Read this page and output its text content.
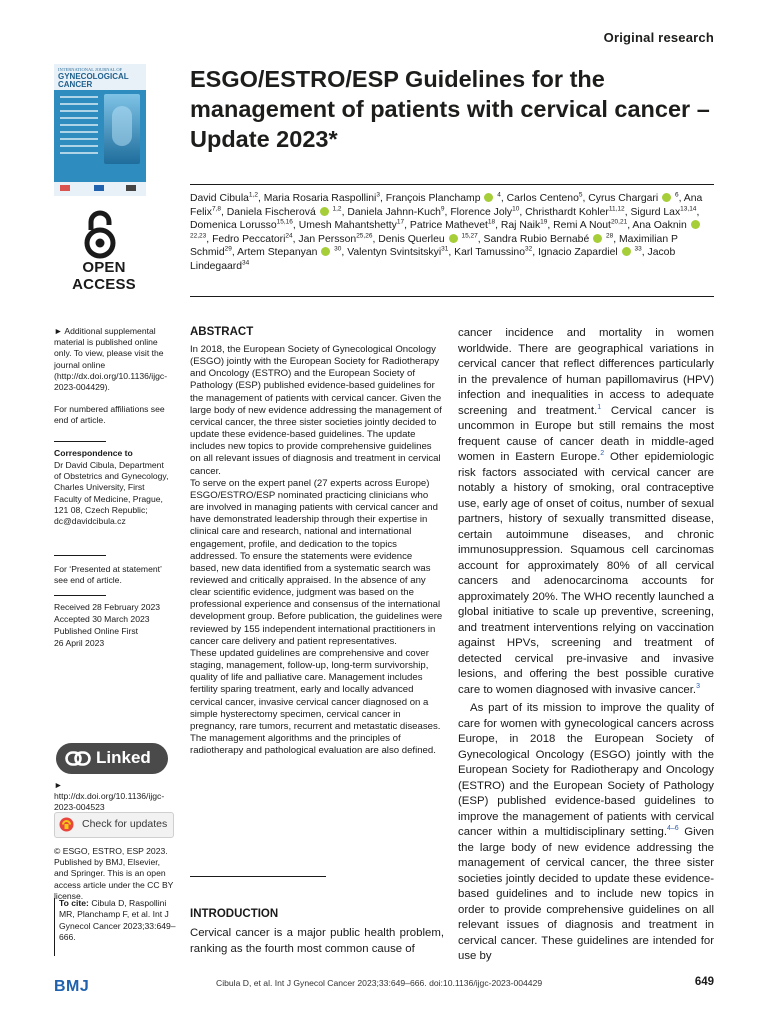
Original research
INTERNATIONAL JOURNAL OF
GYNECOLOGICAL CANCER
OPEN ACCESS
ESGO/ESTRO/ESP Guidelines for the management of patients with cervical cancer – Update 2023*
David Cibula$^{1,2}$, Maria Rosaria Raspollini$^3$, François Planchamp	$^4$, Carlos Centeno$^5$, Cyrus Chargari	$^6$, Ana Felix$^{7,8}$, Daniela Fischerová	$^{1,2}$, Daniela Jahnn-Kuch$^9$, Florence Joly$^{10}$, Christhardt Kohler$^{11,12}$, Sigurd Lax$^{13,14}$, Domenica Lorusso$^{15,16}$, Umesh Mahantshetty$^{17}$, Patrice Mathevet$^{18}$, Raj Naik$^{19}$, Remi A Nout$^{20,21}$, Ana Oaknin  $^{22,23}$, Fedro Peccatori$^{24}$, Jan Persson$^{25,26}$, Denis Querleu	$^{15,27}$, Sandra Rubio Bernabé	$^{28}$, Maximilian P Schmid$^{29}$, Artem Stepanyan	$^{30}$, Valentyn Svintsitskyi$^{31}$, Karl Tamussino$^{32}$, Ignacio Zapardiel	$^{33}$, Jacob Lindegaard$^{34}$
► Additional supplemental material is published online only. To view, please visit the journal online (http://dx.doi.org/10.1136/ijgc-2023-004429).
For numbered affiliations see end of article.
Correspondence to
Dr David Cibula, Department of Obstetrics and Gynecology, Charles University, First Faculty of Medicine, Prague, 121 08, Czech Republic; dc@davidcibula.cz
For ‘Presented at statement’ see end of article.
Received 28 February 2023
Accepted 30 March 2023
Published Online First
26 April 2023
Linked
► http://dx.doi.org/10.1136/ijgc-2023-004523
Check for updates
© ESGO, ESTRO, ESP 2023. Published by BMJ, Elsevier, and Springer. This is an open access article under the CC BY license.
To cite: Cibula D, Raspollini MR, Planchamp F, et al. Int J Gynecol Cancer 2023;33:649–666.
ABSTRACT

In 2018, the European Society of Gynecological Oncology (ESGO) jointly with the European Society for Radiotherapy and Oncology (ESTRO) and the European Society of Pathology (ESP) published evidence-based guidelines for the management of patients with cervical cancer. Given the large body of new evidence addressing the management of cervical cancer, the three sister societies jointly decided to update these evidence-based guidelines. The update includes new topics to provide comprehensive guidelines on all relevant issues of diagnosis and treatment in cervical cancer.

To serve on the expert panel (27 experts across Europe) ESGO/ESTRO/ESP nominated practicing clinicians who are involved in managing patients with cervical cancer and have demonstrated leadership through their expertise in clinical care and research, national and international engagement, profile, and dedication to the topics addressed. To ensure the statements were evidence based, new data identified from a systematic search was reviewed and critically appraised. In the absence of any clear scientific evidence, judgment was based on the professional experience and consensus of the international development group. Before publication, the guidelines were reviewed by 155 independent international practitioners in cancer care delivery and patient representatives.

These updated guidelines are comprehensive and cover staging, management, follow-up, long-term survivorship, quality of life and palliative care. Management includes fertility sparing treatment, early and locally advanced cervical cancer, invasive cervical cancer diagnosed on a simple hysterectomy specimen, cervical cancer in pregnancy, rare tumors, recurrent and metastatic diseases. The management algorithms and the principles of radiotherapy and pathological evaluation are also defined.

INTRODUCTION

Cervical cancer is a major public health problem, ranking as the fourth most common cause of

cancer incidence and mortality in women worldwide. There are geographical variations in cervical cancer that reflect differences particularly in the prevalence of human papillomavirus (HPV) infection and inequalities in access to adequate screening and treatment.$^1$ Cervical cancer is uncommon in Europe but still remains the most frequent cause of cancer death in middle-aged women in Eastern Europe.$^2$ Other epidemiologic risk factors associated with cervical cancer are notably a history of smoking, oral contraceptive use, early age of onset of coitus, number of sexual partners, history of sexually transmitted disease, certain autoimmune diseases, and chronic immunosuppression. Squamous cell carcinomas account for approximately 80% of all cervical cancers and adenocarcinoma accounts for approximately 20%. The WHO recently launched a global initiative to scale up preventive, screening, and treatment interventions relying on vaccination against HPVs, screening and treatment of detected cervical pre-invasive and invasive lesions, and offering the best possible curative care to women diagnosed with invasive cancer.$^3$

As part of its mission to improve the quality of care for women with gynecological cancers across Europe, in 2018 the European Society of Gynecological Oncology (ESGO) jointly with the European Society for Radiotherapy and Oncology (ESTRO) and the European Society of Pathology (ESP) published evidence-based guidelines to improve the management of patients with cervical cancer within a multidisciplinary setting.$^{4-6}$ Given the large body of new evidence addressing the management of cervical cancer, the three sister societies jointly decided to update these evidence-based guidelines and to include new topics in order to provide comprehensive guidelines on all relevant issues of diagnosis and treatment in cervical cancer. These guidelines are intended for use by

BMJ	Cibula D, et al. Int J Gynecol Cancer 2023;33:649–666. doi:10.1136/ijgc-2023-004429	649
